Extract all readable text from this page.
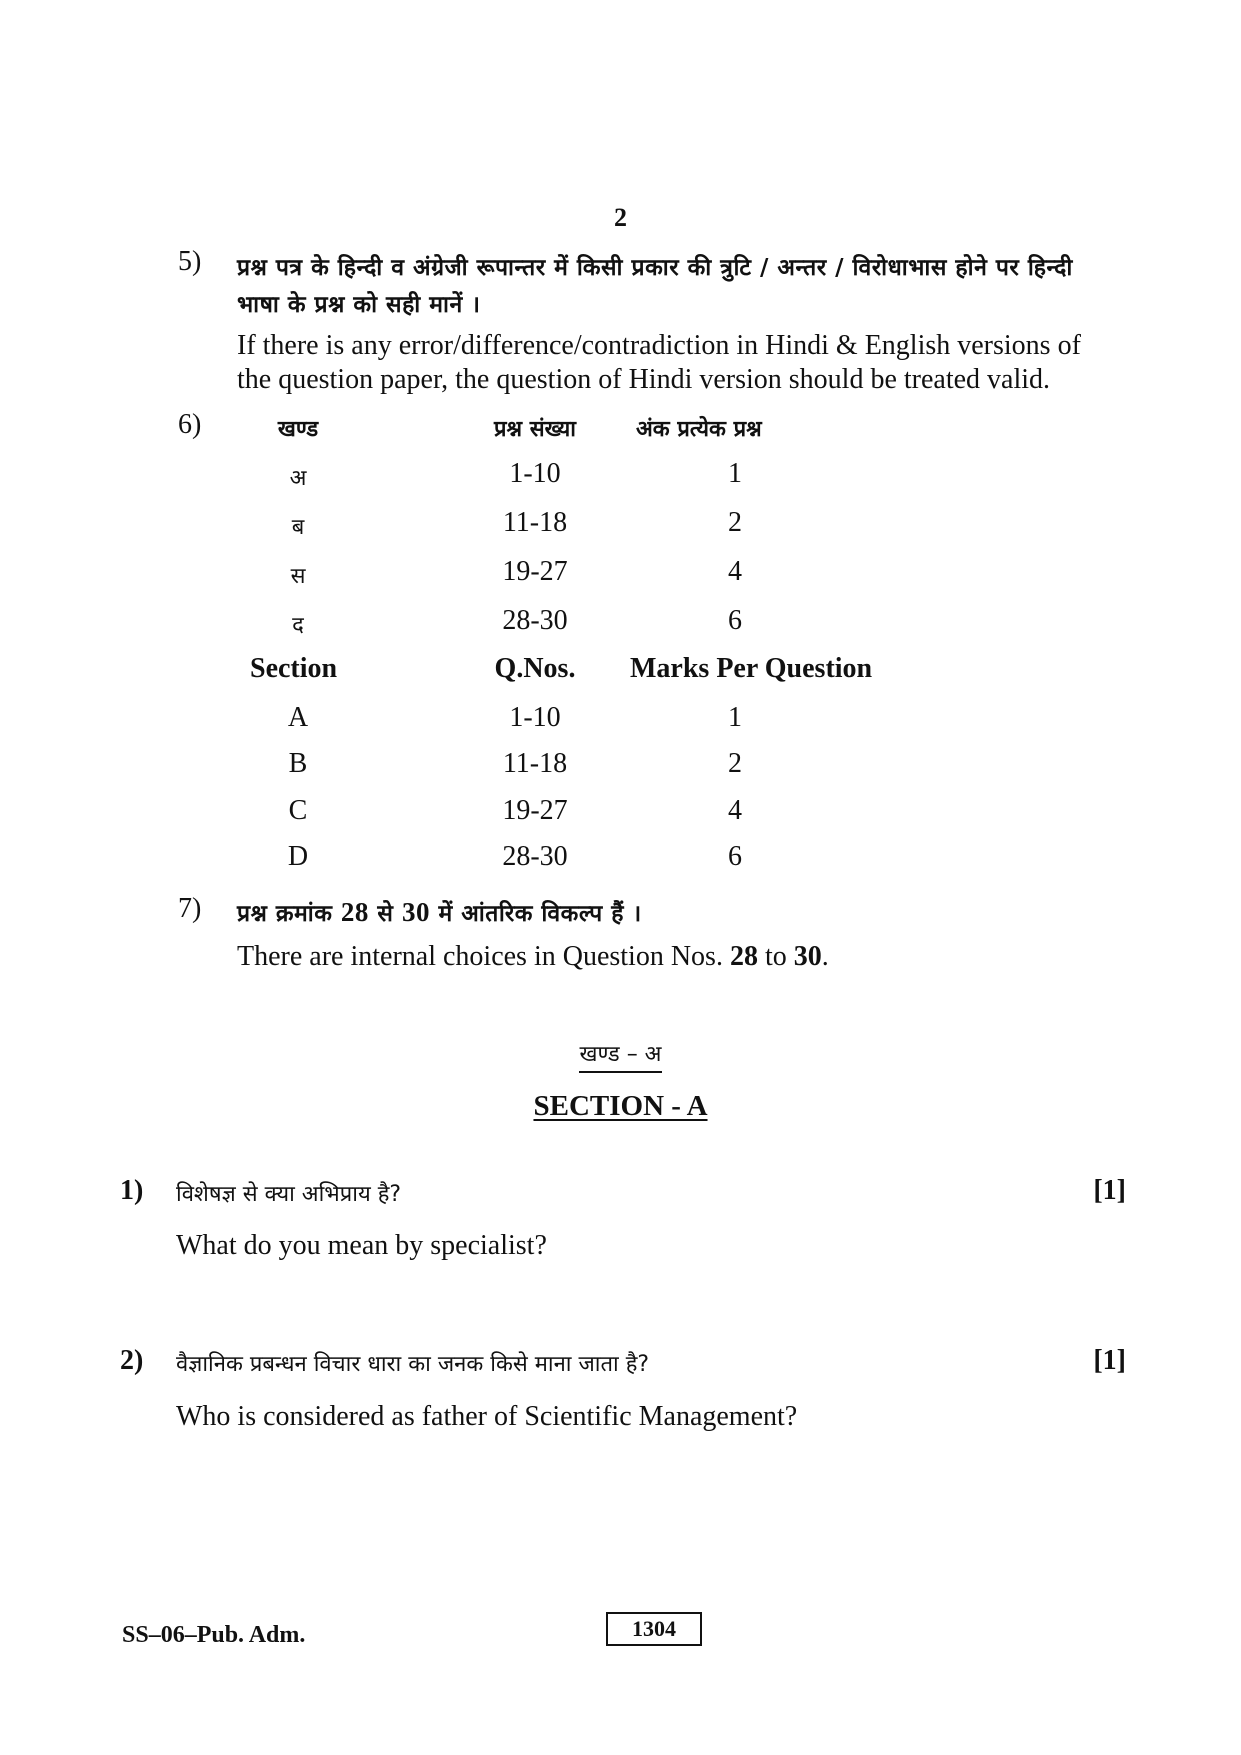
2
5) प्रश्न पत्र के हिन्दी व अंग्रेजी रूपान्तर में किसी प्रकार की त्रुटि / अन्तर / विरोधाभास होने पर हिन्दी
भाषा के प्रश्न को सही मानें ।
If there is any error/difference/contradiction in Hindi & English versions of
the question paper, the question of Hindi version should be treated valid.
6)	खण्ड	प्रश्न संख्या	अंक प्रत्येक प्रश्न
अ	1-10	1
ब	11-18	2
स	19-27	4
द	28-30	6
Section	Q.Nos.	Marks Per Question
A	1-10	1
B	11-18	2
C	19-27	4
D	28-30	6
7) प्रश्न क्रमांक 28 से 30 में आंतरिक विकल्प हैं ।
There are internal choices in Question Nos. 28 to 30.
खण्ड – अ
SECTION - A
1) विशेषज्ञ से क्या अभिप्राय है?	[1]
What do you mean by specialist?
2) वैज्ञानिक प्रबन्धन विचार धारा का जनक किसे माना जाता है?	[1]
Who is considered as father of Scientific Management?
SS–06–Pub. Adm.	1304
